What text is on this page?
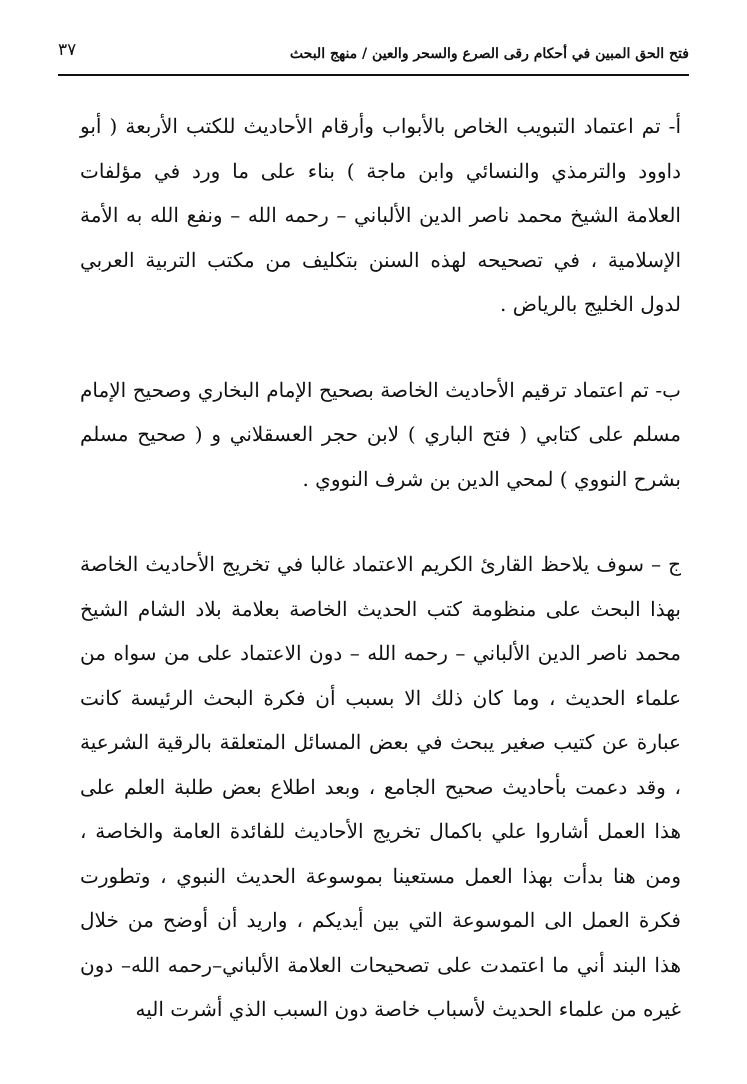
٣٧	فتح الحق المبين في أحكام رقى الصرع والسحر والعين / منهج البحث

أ- تم اعتماد التبويب الخاص بالأبواب وأرقام الأحاديث للكتب الأربعة ( أبو داوود والترمذي والنسائي وابن ماجة ) بناء على ما ورد في مؤلفات العلامة الشيخ محمد ناصر الدين الألباني – رحمه الله – ونفع الله به الأمة الإسلامية ، في تصحيحه لهذه السنن بتكليف من مكتب التربية العربي لدول الخليج بالرياض .

ب- تم اعتماد ترقيم الأحاديث الخاصة بصحيح الإمام البخاري وصحيح الإمام مسلم على كتابي ( فتح الباري ) لابن حجر العسقلاني و ( صحيح مسلم بشرح النووي ) لمحي الدين بن شرف النووي .

ج – سوف يلاحظ القارئ الكريم الاعتماد غالبا في تخريج الأحاديث الخاصة بهذا البحث على منظومة كتب الحديث الخاصة بعلامة بلاد الشام الشيخ محمد ناصر الدين الألباني – رحمه الله – دون الاعتماد على من سواه من علماء الحديث ، وما كان ذلك الا بسبب أن فكرة البحث الرئيسة كانت عبارة عن كتيب صغير يبحث في بعض المسائل المتعلقة بالرقية الشرعية ، وقد دعمت بأحاديث صحيح الجامع ، وبعد اطلاع بعض طلبة العلم على هذا العمل أشاروا علي باكمال تخريج الأحاديث للفائدة العامة والخاصة ، ومن هنا بدأت بهذا العمل مستعينا بموسوعة الحديث النبوي ، وتطورت فكرة العمل الى الموسوعة التي بين أيديكم ، واريد أن أوضح من خلال هذا البند أني ما اعتمدت على تصحيحات العلامة الألباني–رحمه الله– دون غيره من علماء الحديث لأسباب خاصة دون السبب الذي أشرت اليه
